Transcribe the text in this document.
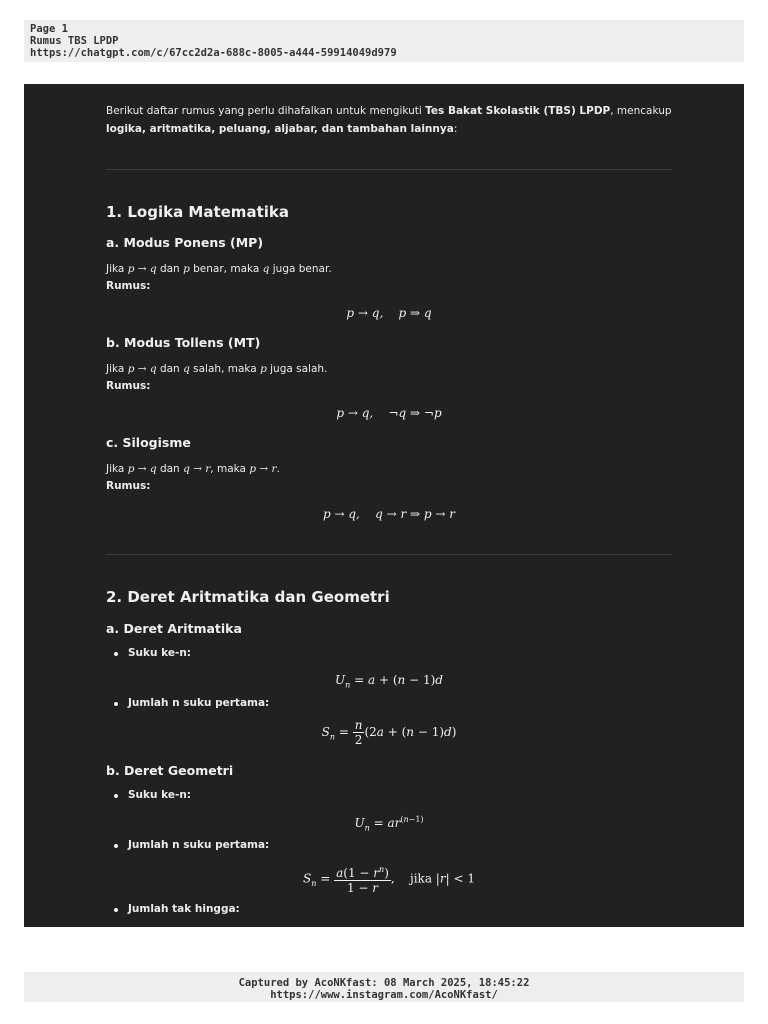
Page 1
Rumus TBS LPDP
https://chatgpt.com/c/67cc2d2a-688c-8005-a444-59914049d979
Berikut daftar rumus yang perlu dihafalkan untuk mengikuti Tes Bakat Skolastik (TBS) LPDP, mencakup
logika, aritmatika, peluang, aljabar, dan tambahan lainnya:
1. Logika Matematika
a. Modus Ponens (MP)
Jika p → q dan p benar, maka q juga benar.
Rumus:
p → q,    p ⇒ q
b. Modus Tollens (MT)
Jika p → q dan q salah, maka p juga salah.
Rumus:
p → q,    ¬q ⇒ ¬p
c. Silogisme
Jika p → q dan q → r, maka p → r.
Rumus:
p → q,    q → r ⇒ p → r
2. Deret Aritmatika dan Geometri
a. Deret Aritmatika
Suku ke-n:
$U_n = a + (n - 1)d$
Jumlah n suku pertama:
$S_n = \frac{n}{2} (2a + (n - 1)d)$
b. Deret Geometri
Suku ke-n:
$U_n = ar^{(n-1)}$
Jumlah n suku pertama:
$S_n = \frac{a(1 - r^n)}{1 - r}$ , jika |r| < 1
Jumlah tak hingga:
Captured by AcoNKfast: 08 March 2025, 18:45:22
https://www.instagram.com/AcoNKfast/
